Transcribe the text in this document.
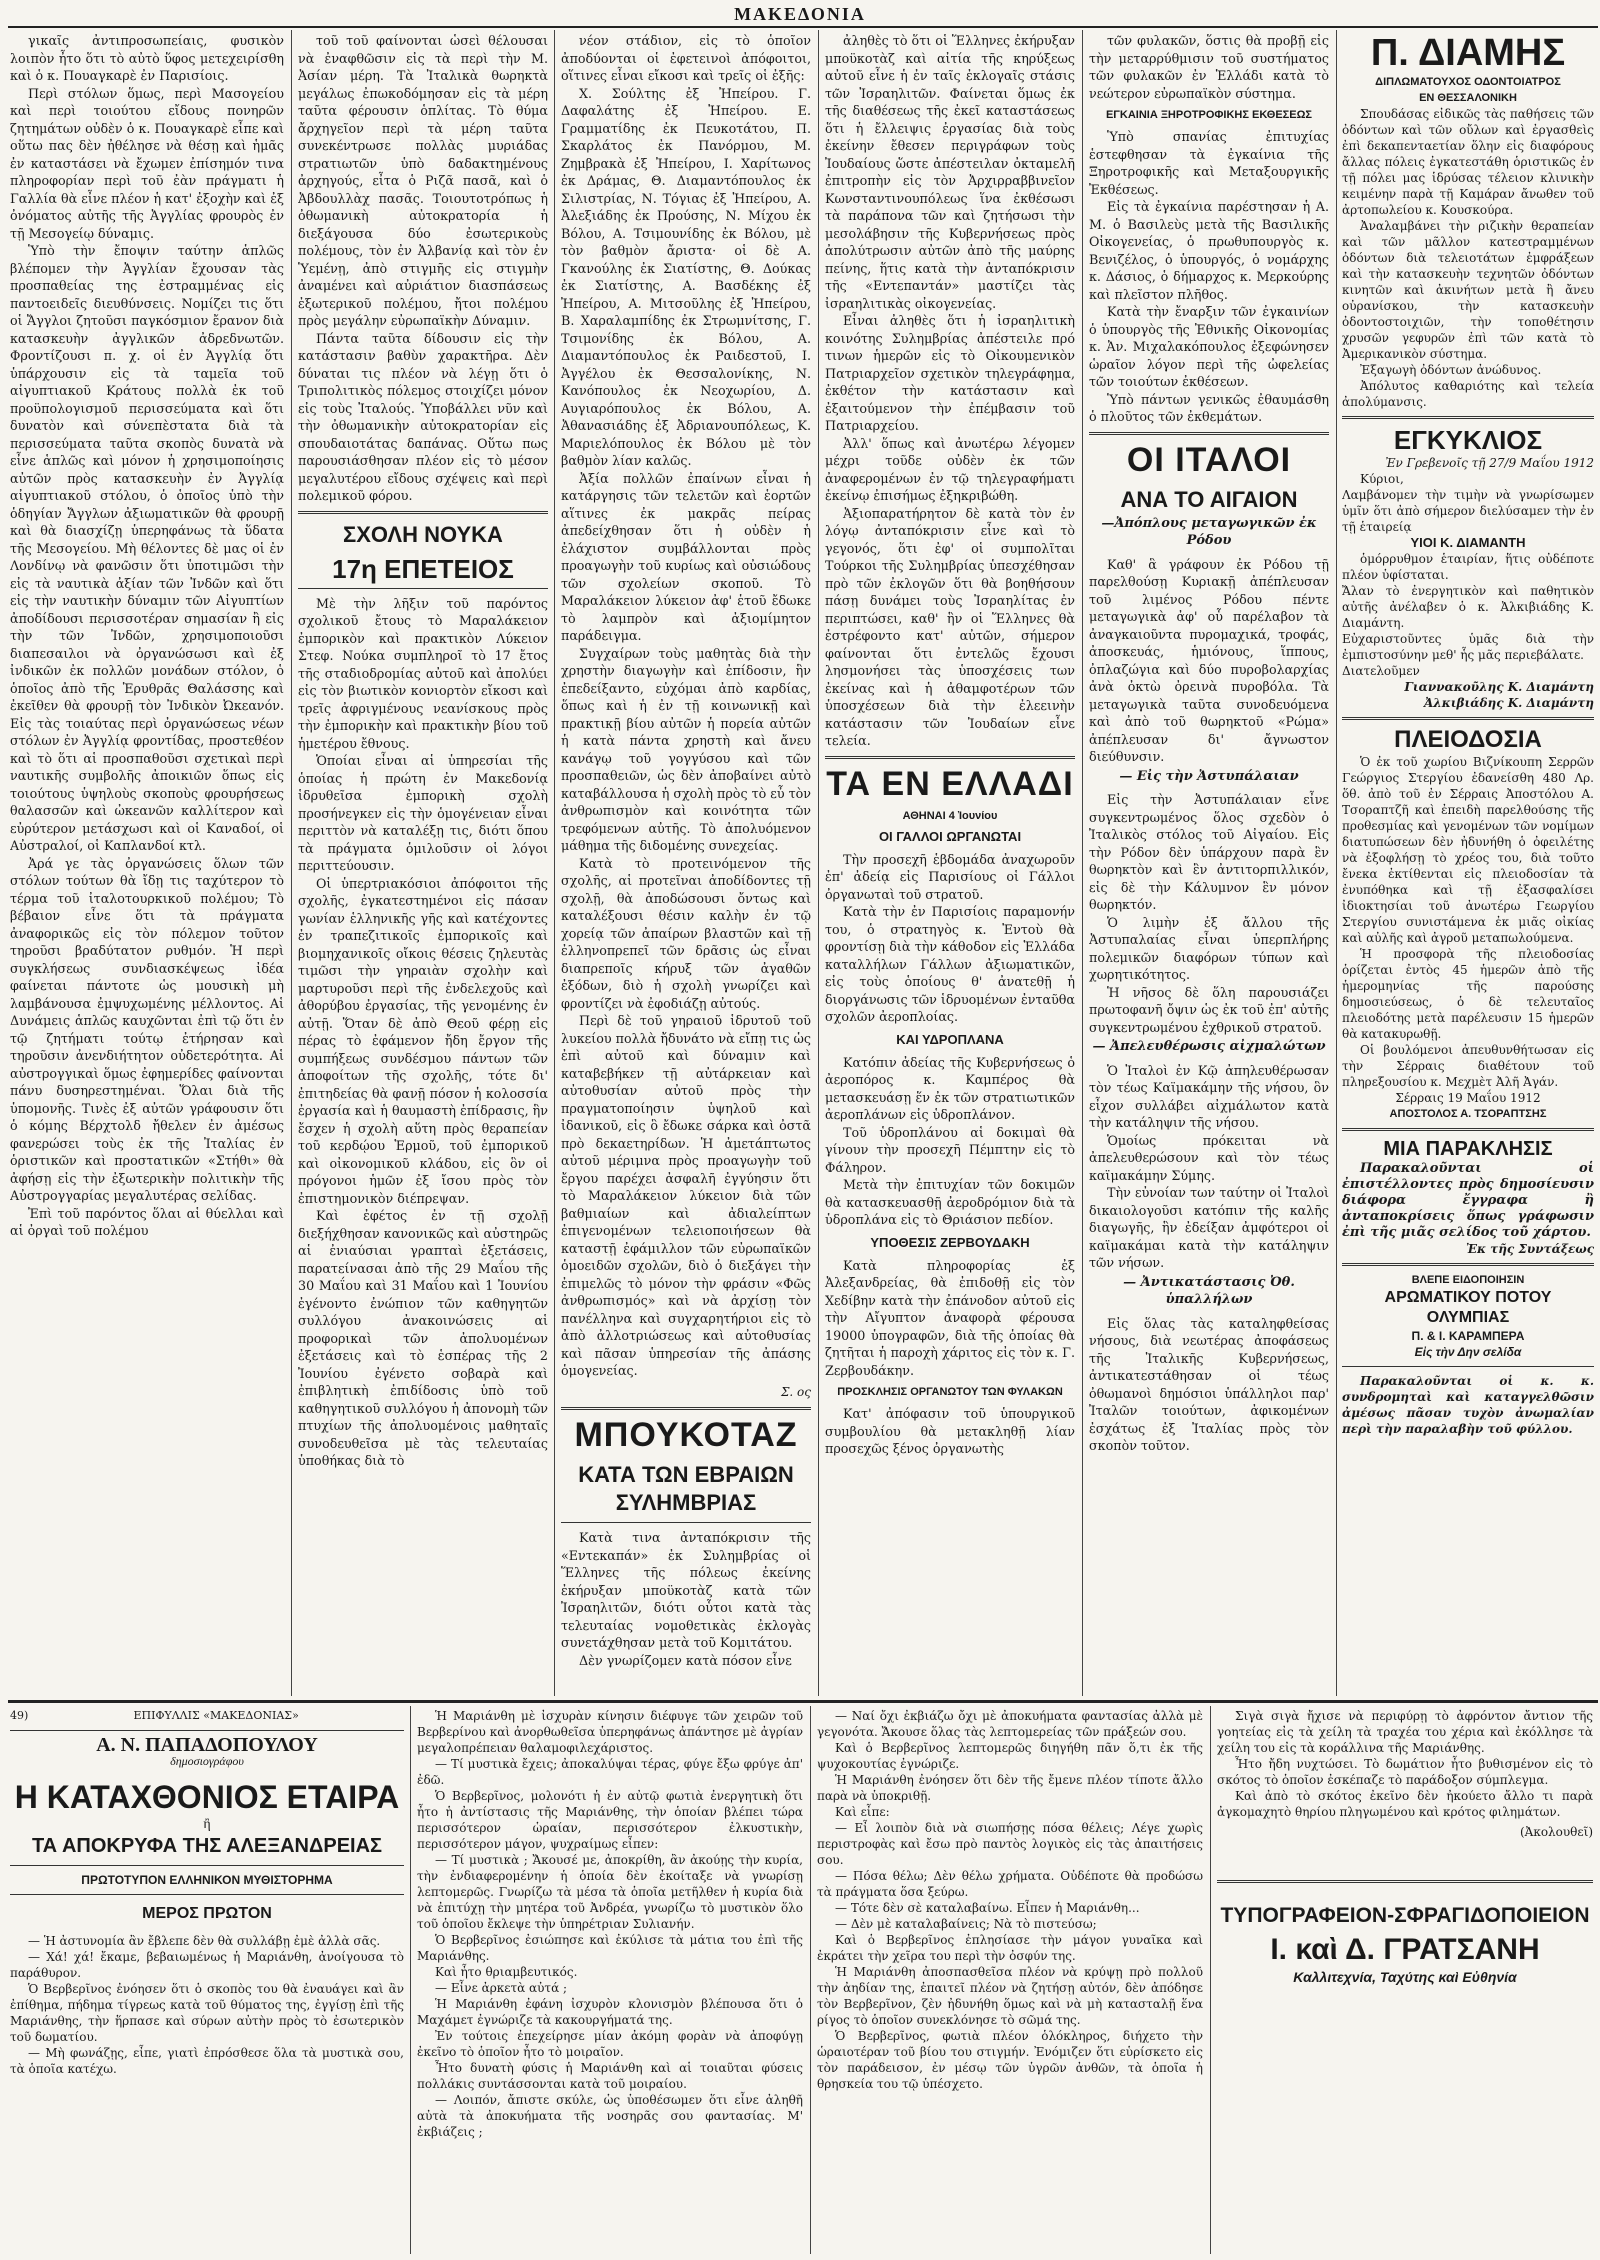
ΜΑΚΕΔΟΝΙΑ

γικαῖς ἀντιπροσωπείαις, φυσικὸν λοιπὸν ἦτο ὅτι τὸ αὐτὸ ὕφος μετεχειρίσθη καὶ ὁ κ. Πουαγκαρὲ ἐν Παρισίοις.

Περὶ στόλων ὅμως, περὶ Μασογείου καὶ περὶ τοιούτου εἴδους πονηρῶν ζητημάτων οὐδὲν ὁ κ. Πουαγκαρὲ εἶπε καὶ οὕτω πας δὲν ἠθέλησε νὰ θέσῃ καὶ ἡμᾶς ἐν καταστάσει νὰ ἔχωμεν ἐπίσημόν τινα πληροφορίαν περὶ τοῦ ἐὰν πράγματι ἡ Γαλλία θὰ εἶνε πλέον ἡ κατ' ἐξοχὴν καὶ ἐξ ὀνόματος αὐτῆς τῆς Ἀγγλίας φρουρὸς ἐν τῇ Μεσογείῳ δύναμις.

Ὑπὸ τὴν ἔποψιν ταύτην ἁπλῶς βλέπομεν τὴν Ἀγγλίαν ἔχουσαν τὰς προσπαθείας της ἐστραμμένας εἰς παντοειδεῖς διευθύνσεις. Νομίζει τις ὅτι οἱ Ἄγγλοι ζητοῦσι παγκόσμιον ἔρανον διὰ κατασκευὴν ἀγγλικῶν ἀδρεδνωτῶν. Φροντίζουσι π. χ. οἱ ἐν Ἀγγλίᾳ ὅτι ὑπάρχουσιν εἰς τὰ ταμεῖα τοῦ αἰγυπτιακοῦ Κράτους πολλὰ ἐκ τοῦ προϋπολογισμοῦ περισσεύματα καὶ ὅτι δυνατὸν καὶ σύνεπὲστατα διὰ τὰ περισσεύματα ταῦτα σκοπὸς δυνατὰ νὰ εἶνε ἁπλῶς καὶ μόνον ἡ χρησιμοποίησις αὐτῶν πρὸς κατασκευὴν ἐν Ἀγγλίᾳ αἰγυπτιακοῦ στόλου, ὁ ὁποῖος ὑπὸ τὴν ὁδηγίαν Ἄγγλων ἀξιωματικῶν θὰ φρουρῇ καὶ θὰ διασχίζῃ ὑπερηφάνως τὰ ὕδατα τῆς Μεσογείου. Μὴ θέλοντες δὲ μας οἱ ἐν Λονδίνῳ νὰ φανῶσιν ὅτι ὑποτιμῶσι τὴν εἰς τὰ ναυτικὰ ἀξίαν τῶν Ἰνδῶν καὶ ὅτι εἰς τὴν ναυτικὴν δύναμιν τῶν Αἰγυπτίων ἀποδίδουσι περισσοτέραν σημασίαν ἢ εἰς τὴν τῶν Ἰνδῶν, χρησιμοποιοῦσι διαπεσαιλοι νὰ ὀργανώσωσι καὶ ἐξ ἰνδικῶν ἐκ πολλῶν μονάδων στόλον, ὁ ὁποῖος ἀπὸ τῆς Ἐρυθρᾶς Θαλάσσης καὶ ἐκεῖθεν θὰ φρουρῇ τὸν Ἰνδικὸν Ὠκεανόν. Εἰς τὰς τοιαύτας περὶ ὀργανώσεως νέων στόλων ἐν Ἀγγλίᾳ φροντίδας, προστεθέον καὶ τὸ ὅτι αἱ προσπαθοῦσι σχετικαὶ περὶ ναυτικῆς συμβολῆς ἀποικιῶν ὅπως εἰς τοιούτους ὑψηλοὺς σκοποὺς φρουρήσεως θαλασσῶν καὶ ὠκεανῶν καλλίτερον καὶ εὐρύτερον μετάσχωσι καὶ οἱ Καναδοί, οἱ Αὐστραλοί, οἱ Καπλανδοί κτλ.

Ἀρά γε τὰς ὀργανώσεις ὅλων τῶν στόλων τούτων θὰ ἴδῃ τις ταχύτερον τὸ τέρμα τοῦ ἰταλοτουρκικοῦ πολέμου; Τὸ βέβαιον εἶνε ὅτι τὰ πράγματα ἀναφορικῶς εἰς τὸν πόλεμον τοῦτον τηροῦσι βραδύτατον ρυθμόν. Ἡ περὶ συγκλήσεως συνδιασκέψεως ἰδέα φαίνεται πάντοτε ὡς μουσικὴ μὴ λαμβάνουσα ἐμψυχωμένης μέλλοντος. Αἱ Δυνάμεις ἁπλῶς καυχῶνται ἐπὶ τῷ ὅτι ἐν τῷ ζητήματι τούτῳ ἐτήρησαν καὶ τηροῦσιν ἀνενδιήτητον οὐδετερότητα. Αἱ αὐστρογγικαὶ ὅμως ἐφημερίδες φαίνονται πάνυ δυσηρεστημέναι. Ὅλαι διὰ τῆς ὑπομονῆς. Τινὲς ἐξ αὐτῶν γράφουσιν ὅτι ὁ κόμης Βέρχτολδ ἤθελεν ἐν ἀμέσως φανερώσει τοὺς ἐκ τῆς Ἰταλίας ἐν ὁριστικῶν καὶ προστατικῶν «Στήθι» θὰ ἀφήσῃ εἰς τὴν ἐξωτερικὴν πολιτικὴν τῆς Αὐστρογγαρίας μεγαλυτέρας σελίδας.

Ἐπὶ τοῦ παρόντος ὅλαι αἱ θύελλαι καὶ αἱ ὀργαὶ τοῦ πολέμου

τοῦ τοῦ φαίνονται ὡσεὶ θέλουσαι νὰ ἐναφθῶσιν εἰς τὰ περὶ τὴν Μ. Ἀσίαν μέρη. Τὰ Ἰταλικὰ θωρηκτὰ μεγάλως ἐπωκοδόμησαν εἰς τὰ μέρη ταῦτα φέρουσιν ὁπλίτας. Τὸ θύμα ἄρχηγεῖον περὶ τὰ μέρη ταῦτα συνεκέντρωσε πολλὰς μυριάδας στρατιωτῶν ὑπὸ δαδακτημένους ἀρχηγούς, εἶτα ὁ Ριζᾶ πασᾶ, καὶ ὁ Ἀβδουλλὰχ πασᾶς. Τοιουτοτρόπως ἡ ὀθωμανικὴ αὐτοκρατορία ἡ διεξάγουσα δύο ἐσωτερικοὺς πολέμους, τὸν ἐν Ἀλβανίᾳ καὶ τὸν ἐν Ὑεμένῃ, ἀπὸ στιγμῆς εἰς στιγμὴν ἀναμένει καὶ αὐριάτιον διασπάσεως ἐξωτερικοῦ πολέμου, ἤτοι πολέμου πρὸς μεγάλην εὐρωπαϊκὴν Δύναμιν.

Πάντα ταῦτα δίδουσιν εἰς τὴν κατάστασιν βαθὺν χαρακτῆρα. Δὲν δύναται τις πλέον νὰ λέγῃ ὅτι ὁ Τριπολιτικὸς πόλεμος στοιχίζει μόνον εἰς τοὺς Ἰταλούς. Ὑποβάλλει νῦν καὶ τὴν ὀθωμανικὴν αὐτοκρατορίαν εἰς σπουδαιοτάτας δαπάνας. Οὕτω πως παρουσιάσθησαν πλέον εἰς τὸ μέσον μεγαλυτέρου εἴδους σχέψεις καὶ περὶ πολεμικοῦ φόρου.

ΣΧΟΛΗ ΝΟΥΚΑ
17η ΕΠΕΤΕΙΟΣ

Μὲ τὴν λῆξιν τοῦ παρόντος σχολικοῦ ἔτους τὸ Μαραλάκειον ἐμπορικὸν καὶ πρακτικὸν Λύκειον Στεφ. Νούκα συμπληροῖ τὸ 17 ἔτος τῆς σταδιοδρομίας αὐτοῦ καὶ ἀπολύει εἰς τὸν βιωτικὸν κονιορτὸν εἴκοσι καὶ τρεῖς ἀφριγμένους νεανίσκους πρὸς τὴν ἐμπορικὴν καὶ πρακτικὴν βίου τοῦ ἡμετέρου ἔθνους.

Ὁποίαι εἶναι αἱ ὑπηρεσίαι τῆς ὁποίας ἡ πρώτη ἐν Μακεδονίᾳ ἱδρυθεῖσα ἐμπορικὴ σχολὴ προσήνεγκεν εἰς τὴν ὁμογένειαν εἶναι περιττὸν νὰ καταλέξῃ τις, διότι ὅπου τὰ πράγματα ὁμιλοῦσιν οἱ λόγοι περιττεύουσιν.

Οἱ ὑπερτριακόσιοι ἀπόφοιτοι τῆς σχολῆς, ἐγκατεστημένοι εἰς πάσαν γωνίαν ἑλληνικῆς γῆς καὶ κατέχοντες ἐν τραπεζιτικοῖς ἐμπορικοῖς καὶ βιομηχανικοῖς οἴκοις θέσεις ζηλευτὰς τιμῶσι τὴν γηραιὰν σχολὴν καὶ μαρτυροῦσι περὶ τῆς ἐνδελεχοῦς καὶ ἀθορύβου ἐργασίας, τῆς γενομένης ἐν αὐτῇ. Ὅταν δὲ ἀπὸ Θεοῦ φέρῃ εἰς πέρας τὸ ἐφάμενον ἤδη ἔργον τῆς συμπήξεως συνδέσμου πάντων τῶν ἀποφοίτων τῆς σχολῆς, τότε δι' ἐπιτηδείας θὰ φανῇ πόσον ἡ κολοσσία ἐργασία καὶ ἡ θαυμαστὴ ἐπίδρασις, ἣν ἔσχεν ἡ σχολὴ αὕτη πρὸς θεραπείαν τοῦ κερδῴου Ἑρμοῦ, τοῦ ἐμπορικοῦ καὶ οἰκονομικοῦ κλάδου, εἰς ὃν οἱ πρόγονοι ἡμῶν ἐξ ἴσου πρὸς τὸν ἐπιστημονικὸν διέπρεψαν.

Καὶ ἐφέτος ἐν τῇ σχολῇ διεξήχθησαν κανονικῶς καὶ αὐστηρῶς αἱ ἐνιαύσιαι γραπταὶ ἐξετάσεις, παρατείνασαι ἀπὸ τῆς 29 Μαΐου τῆς 30 Μαΐου καὶ 31 Μαΐου καὶ 1 Ἰουνίου ἐγένοντο ἐνώπιον τῶν καθηγητῶν συλλόγου ἀνακοινώσεις αἱ προφορικαὶ τῶν ἀπολυομένων ἐξετάσεις καὶ τὸ ἑσπέρας τῆς 2 Ἰουνίου ἐγένετο σοβαρὰ καὶ ἐπιβλητικὴ ἐπιδίδοσις ὑπὸ τοῦ καθηγητικοῦ συλλόγου ἡ ἀπονομὴ τῶν πτυχίων τῆς ἀπολυομένοις μαθηταῖς συνοδευθεῖσα μὲ τὰς τελευταίας ὑποθήκας διὰ τὸ

νέον στάδιον, εἰς τὸ ὁποῖον ἀποδύονται οἱ ἐφετεινοὶ ἀπόφοιτοι, οἵτινες εἶναι εἴκοσι καὶ τρεῖς οἱ ἐξῆς:

Χ. Σούλτης ἐξ Ἠπείρου. Γ. Δαφαλάτης ἐξ Ἠπείρου. Ε. Γραμματίδης ἐκ Πευκοτάτου, Π. Σκαρλάτος ἐκ Πανόρμου, Μ. Ζημβρακὰ ἐξ Ἠπείρου, Ι. Χαρίτωνος ἐκ Δράμας, Θ. Διαμαντόπουλος ἐκ Σιλιστρίας, Ν. Τόγιας ἐξ Ἠπείρου, Α. Ἀλεξιάδης ἐκ Προύσης, Ν. Μίχου ἐκ Βόλου, Α. Τσιμουνίδης ἐκ Βόλου, μὲ τὸν βαθμὸν ἄριστα· οἱ δὲ Α. Γκανούλης ἐκ Σιατίστης, Θ. Δούκας ἐκ Σιατίστης, Α. Βασδέκης ἐξ Ἠπείρου, Α. Μιτσοῦλης ἐξ Ἠπείρου, Β. Χαραλαμπίδης ἐκ Στρωμνίτσης, Γ. Τσιμονίδης ἐκ Βόλου, Α. Διαμαντόπουλος ἐκ Ραιδεστοῦ, Ι. Ἀγγέλου ἐκ Θεσσαλονίκης, Ν. Κανόπουλος ἐκ Νεοχωρίου, Δ. Αυγιαρόπουλος ἐκ Βόλου, Α. Ἀθανασιάδης ἐξ Ἀδριανουπόλεως, Κ. Μαριελόπουλος ἐκ Βόλου μὲ τὸν βαθμὸν λίαν καλῶς.

Ἀξία πολλῶν ἐπαίνων εἶναι ἡ κατάργησις τῶν τελετῶν καὶ ἑορτῶν αἵτινες ἐκ μακρᾶς πείρας ἀπεδείχθησαν ὅτι ἡ οὐδὲν ἡ ἐλάχιστον συμβάλλονται πρὸς προαγωγὴν τοῦ κυρίως καὶ οὐσιώδους τῶν σχολείων σκοποῦ. Τὸ Μαραλάκειον λύκειον ἀφ' ἑτοῦ ἔδωκε τὸ λαμπρὸν καὶ ἀξιομίμητον παράδειγμα.

Συγχαίρων τοὺς μαθητὰς διὰ τὴν χρηστὴν διαγωγὴν καὶ ἐπίδοσιν, ἣν ἐπεδείξαντο, εὐχόμαι ἀπὸ καρδίας, ὅπως καὶ ἡ ἐν τῇ κοινωνικῇ καὶ πρακτικῇ βίου αὐτῶν ἡ πορεία αὐτῶν ἡ κατὰ πάντα χρηστὴ καὶ ἄνευ κανάγῳ τοῦ γογγύσου καὶ τῶν προσπαθειῶν, ὡς δὲν ἀποβαίνει αὐτὸ καταβάλλουσα ἡ σχολὴ πρὸς τὸ εὖ τὸν ἀνθρωπισμὸν καὶ κοινότητα τῶν τρεφόμενων αὐτῆς. Τὸ ἀπολυόμενον μάθημα τῆς διδομένης συνεχείας.

Κατὰ τὸ προτεινόμενον τῆς σχολῆς, αἱ προτεῖναι ἀποδίδοντες τῇ σχολῇ, θὰ ἀποδώσουσι ὄντως καὶ καταλέξουσι θέσιν καλὴν ἐν τῷ χορείᾳ τῶν ἀπαίρων βλαστῶν καὶ τῇ ἐλληνοπρεπεῖ τῶν δρᾶσις ὡς εἶναι διαπρεποῖς κήρυξ τῶν ἀγαθῶν ἐξόδων, διὸ ἡ σχολὴ γνωρίζει καὶ φροντίζει νὰ ἐφοδιάζῃ αὐτούς.

Περὶ δὲ τοῦ γηραιοῦ ἱδρυτοῦ τοῦ λυκείου πολλὰ ἤδυνάτο νὰ εἴπῃ τις ὡς ἐπὶ αὐτοῦ καὶ δύναμιν καὶ καταβεβήκεν τῇ αὐτάρκειαν καὶ αὐτοθυσίαν αὐτοῦ πρὸς τὴν πραγματοποίησιν ὑψηλοῦ καὶ ἰδανικοῦ, εἰς ὃ ἔδωκε σάρκα καὶ ὀστᾶ πρὸ δεκαετηρίδων. Ἡ ἀμετάπτωτος αὐτοῦ μέριμνα πρὸς προαγωγὴν τοῦ ἔργου παρέχει ἀσφαλῆ ἐγγύησιν ὅτι τὸ Μαραλάκειον λύκειον διὰ τῶν βαθμιαίων καὶ ἀδιαλείπτων ἐπιγενομένων τελειοποιήσεων θὰ καταστῇ ἐφάμιλλον τῶν εὐρωπαϊκῶν ὁμοειδῶν σχολῶν, διὸ ὁ διεξάγει τὴν ἐπιμελῶς τὸ μόνον τὴν φράσιν «Φῶς ἀνθρωπισμός» καὶ νὰ ἀρχίσῃ τὸν πανέλληνα καὶ συγχαρητήριοι εἰς τὸ ἀπὸ ἀλλοτριώσεως καὶ αὐτοθυσίας καὶ πᾶσαν ὑπηρεσίαν τῆς ἀπάσης ὁμογενείας.

Σ. ος
ΜΠΟΥΚΟΤΑΖ
ΚΑΤΑ ΤΩΝ ΕΒΡΑΙΩΝ
ΣΥΛΗΜΒΡΙΑΣ

Κατὰ τινα ἀνταπόκρισιν τῆς «Εντεκαπάν» ἐκ Συλημβρίας οἱ Ἕλληνες τῆς πόλεως ἐκείνης ἐκήρυξαν μποϋκοτὰζ κατὰ τῶν Ἰσραηλιτῶν, διότι οὗτοι κατὰ τὰς τελευταίας νομοθετικὰς ἐκλογὰς συνετάχθησαν μετὰ τοῦ Κομιτάτου.

Δὲν γνωρίζομεν κατὰ πόσον εἶνε

ἀληθὲς τὸ ὅτι οἱ Ἕλληνες ἐκήρυξαν μποϋκοτὰζ καὶ αἰτία τῆς κηρύξεως αὐτοῦ εἶνε ἡ ἐν ταῖς ἐκλογαῖς στάσις τῶν Ἰσραηλιτῶν. Φαίνεται ὅμως ἐκ τῆς διαθέσεως τῆς ἐκεῖ καταστάσεως ὅτι ἡ ἔλλειψις ἐργασίας διὰ τοὺς ἐκείνην ἔθεσεν περιγράφων τοὺς Ἰουδαίους ὥστε ἀπέστειλαν ὀκταμελῆ ἐπιτροπὴν εἰς τὸν Ἀρχιρραββινεῖον Κωνσταντινουπόλεως ἵνα ἐκθέσωσι τὰ παράπονα τῶν καὶ ζητήσωσι τὴν μεσολάβησιν τῆς Κυβερνήσεως πρὸς ἀπολύτρωσιν αὐτῶν ἀπὸ τῆς μαύρης πείνης, ἥτις κατὰ τὴν ἀνταπόκρισιν τῆς «Εντεπαντάν» μαστίζει τὰς ἰσραηλιτικὰς οἰκογενείας.

Εἶναι ἀληθὲς ὅτι ἡ ἰσραηλιτικὴ κοινότης Συλημβρίας ἀπέστειλε πρό τινων ἡμερῶν εἰς τὸ Οἰκουμενικὸν Πατριαρχεῖον σχετικὸν τηλεγράφημα, ἐκθέτον τὴν κατάστασιν καὶ ἐξαιτούμενον τὴν ἐπέμβασιν τοῦ Πατριαρχείου.

Ἀλλ' ὅπως καὶ ἀνωτέρω λέγομεν μέχρι τοῦδε οὐδὲν ἐκ τῶν ἀναφερομένων ἐν τῷ τηλεγραφήματι ἐκείνῳ ἐπισήμως ἐξηκριβώθη.

Ἀξιοπαρατήρητον δὲ κατὰ τὸν ἐν λόγῳ ἀνταπόκρισιν εἶνε καὶ τὸ γεγονός, ὅτι ἐφ' οἱ συμπολῖται Τούρκοι τῆς Συλημβρίας ὑπεσχέθησαν πρὸ τῶν ἐκλογῶν ὅτι θὰ βοηθήσουν πάσῃ δυνάμει τοὺς Ἰσραηλίτας ἐν περιπτώσει, καθ' ἣν οἱ Ἕλληνες θὰ ἐστρέφοντο κατ' αὐτῶν, σήμερον φαίνονται ὅτι ἐντελῶς ἔχουσι λησμονήσει τὰς ὑποσχέσεις των ἐκείνας καὶ ἡ ἀθαμφοτέρων τῶν ὑποσχέσεων διὰ τὴν ἐλεεινὴν κατάστασιν τῶν Ἰουδαίων εἶνε τελεία.

ΤΑ ΕΝ ΕΛΛΑΔΙ
ΑΘΗΝΑΙ 4 Ἰουνίου
ΟΙ ΓΑΛΛΟΙ ΩΡΓΑΝΩΤΑΙ

Τὴν προσεχῆ ἑβδομάδα ἀναχωροῦν ἐπ' ἀδείᾳ εἰς Παρισίους οἱ Γάλλοι ὀργανωταὶ τοῦ στρατοῦ.

Κατὰ τὴν ἐν Παρισίοις παραμονήν του, ὁ στρατηγὸς κ. Ἐντοὺ θὰ φροντίσῃ διὰ τὴν κάθοδον εἰς Ἑλλάδα καταλλήλων Γάλλων ἀξιωματικῶν, εἰς τοὺς ὁποίους θ' ἀνατεθῇ ἡ διοργάνωσις τῶν ἱδρυομένων ἐνταῦθα σχολῶν ἀεροπλοίας.

ΚΑΙ ΥΔΡΟΠΛΑΝΑ

Κατόπιν ἀδείας τῆς Κυβερνήσεως ὁ ἀεροπόρος κ. Καμπέρος θὰ μετασκευάσῃ ἕν ἐκ τῶν στρατιωτικῶν ἀεροπλάνων εἰς ὑδροπλάνον.

Τοῦ ὑδροπλάνου αἱ δοκιμαὶ θὰ γίνουν τὴν προσεχῆ Πέμπτην εἰς τὸ Φάληρον.

Μετὰ τὴν ἐπιτυχίαν τῶν δοκιμῶν θὰ κατασκευασθῇ ἀεροδρόμιον διὰ τὰ ὑδροπλάνα εἰς τὸ Θριάσιον πεδίον.

ΥΠΟΘΕΣΙΣ ΖΕΡΒΟΥΔΑΚΗ

Κατὰ πληροφορίας ἐξ Ἀλεξανδρείας, θὰ ἐπιδοθῇ εἰς τὸν Χεδίβην κατὰ τὴν ἐπάνοδον αὐτοῦ εἰς τὴν Αἴγυπτον ἀναφορὰ φέρουσα 19000 ὑπογραφῶν, διὰ τῆς ὁποίας θὰ ζητῆται ἡ παροχὴ χάριτος εἰς τὸν κ. Γ. Ζερβουδάκην.

ΠΡΟΣΚΛΗΣΙΣ ΟΡΓΑΝΩΤΟΥ ΤΩΝ ΦΥΛΑΚΩΝ

Κατ' ἀπόφασιν τοῦ ὑπουργικοῦ συμβουλίου θὰ μετακληθῇ λίαν προσεχῶς ξένος ὀργανωτὴς

τῶν φυλακῶν, ὅστις θὰ προβῇ εἰς τὴν μεταρρύθμισιν τοῦ συστήματος τῶν φυλακῶν ἐν Ἑλλάδι κατὰ τὸ νεώτερον εὐρωπαϊκὸν σύστημα.

ΕΓΚΑΙΝΙΑ ΞΗΡΟΤΡΟΦΙΚΗΣ ΕΚΘΕΣΕΩΣ

Ὑπὸ σπανίας ἐπιτυχίας ἑστεφθησαν τὰ ἐγκαίνια τῆς Ξηροτροφικῆς καὶ Μεταξουργικῆς Ἐκθέσεως.

Εἰς τὰ ἐγκαίνια παρέστησαν ἡ Α. Μ. ὁ Βασιλεὺς μετὰ τῆς Βασιλικῆς Οἰκογενείας, ὁ πρωθυπουργὸς κ. Βενιζέλος, ὁ ὑπουργός, ὁ νομάρχης κ. Δάσιος, ὁ δήμαρχος κ. Μερκούρης καὶ πλεῖστον πλῆθος.

Κατὰ τὴν ἔναρξιν τῶν ἐγκαινίων ὁ ὑπουργὸς τῆς Ἐθνικῆς Οἰκονομίας κ. Ἀν. Μιχαλακόπουλος ἐξεφώνησεν ὡραῖον λόγον περὶ τῆς ὠφελείας τῶν τοιούτων ἐκθέσεων.

Ὑπὸ πάντων γενικῶς ἐθαυμάσθη ὁ πλοῦτος τῶν ἐκθεμάτων.

ΟΙ ΙΤΑΛΟΙ
ΑΝΑ ΤΟ ΑΙΓΑΙΟΝ
—Ἀπόπλους μεταγωγικῶν ἐκ Ρόδου

Καθ' ἃ γράφουν ἐκ Ρόδου τῇ παρελθούσῃ Κυριακῇ ἀπέπλευσαν τοῦ λιμένος Ρόδου πέντε μεταγωγικὰ ἀφ' οὗ παρέλαβον τὰ ἀναγκαιοῦντα πυρομαχικά, τροφάς, ἀποσκευάς, ἡμιόνους, ἵππους, ὀπλαζώγια καὶ δύο πυροβολαρχίας ἀνὰ ὀκτὼ ὀρεινὰ πυροβόλα. Τὰ μεταγωγικὰ ταῦτα συνοδευόμενα καὶ ἀπὸ τοῦ θωρηκτοῦ «Ρώμα» ἀπέπλευσαν δι' ἄγνωστον διεύθυνσιν.

— Εἰς τὴν Ἀστυπάλαιαν

Εἰς τὴν Ἀστυπάλαιαν εἶνε συγκεντρωμένος ὅλος σχεδὸν ὁ Ἰταλικὸς στόλος τοῦ Αἰγαίου. Εἰς τὴν Ρόδον δὲν ὑπάρχουν παρὰ ἓν θωρηκτὸν καὶ ἓν ἀντιτορπιλλικόν, εἰς δὲ τὴν Κάλυμνον ἓν μόνον θωρηκτόν.

Ὁ λιμὴν ἐξ ἄλλου τῆς Ἀστυπαλαίας εἶναι ὑπερπλήρης πολεμικῶν διαφόρων τύπων καὶ χωρητικότητος.

Ἡ νῆσος δὲ ὅλη παρουσιάζει πρωτοφανῆ ὄψιν ὡς ἐκ τοῦ ἐπ' αὐτῆς συγκεντρωμένου ἐχθρικοῦ στρατοῦ.

— Ἀπελευθέρωσις αἰχμαλώτων

Ὁ Ἰταλοὶ ἐν Κῷ ἀπηλευθέρωσαν τὸν τέως Καϊμακάμην τῆς νήσου, ὃν εἶχον συλλάβει αἰχμάλωτον κατὰ τὴν κατάληψιν τῆς νήσου.

Ὁμοίως πρόκειται νὰ ἀπελευθερώσουν καὶ τὸν τέως καϊμακάμην Σύμης.

Τὴν εὐνοίαν των ταύτην οἱ Ἰταλοὶ δικαιολογοῦσι κατόπιν τῆς καλῆς διαγωγῆς, ἣν ἐδείξαν ἀμφότεροι οἱ καϊμακάμαι κατὰ τὴν κατάληψιν τῶν νήσων.

— Ἀντικατάστασις Ὀθ. ὑπαλλήλων

Εἰς ὅλας τὰς καταληφθείσας νήσους, διὰ νεωτέρας ἀποφάσεως τῆς Ἰταλικῆς Κυβερνήσεως, ἀντικατεστάθησαν οἱ τέως ὀθωμανοὶ δημόσιοι ὑπάλληλοι παρ' Ἰταλῶν τοιούτων, ἀφικομένων ἐσχάτως ἐξ Ἰταλίας πρὸς τὸν σκοπὸν τοῦτον.

Π. ΔΙΑΜΗΣ
ΔΙΠΛΩΜΑΤΟΥΧΟΣ ΟΔΟΝΤΟΙΑΤΡΟΣ
ΕΝ ΘΕΣΣΑΛΟΝΙΚΗ

Σπουδάσας εἰδικῶς τὰς παθήσεις τῶν ὀδόντων καὶ τῶν οὔλων καὶ ἐργασθεὶς ἐπὶ δεκαπενταετίαν ὅλην εἰς διαφόρους ἄλλας πόλεις ἐγκατεστάθη ὁριστικῶς ἐν τῇ πόλει μας ἱδρύσας τέλειον κλινικὴν κειμένην παρὰ τῇ Καμάραν ἄνωθεν τοῦ ἀρτοπωλείου κ. Κουσκούρα.

Ἀναλαμβάνει τὴν ριζικὴν θεραπείαν καὶ τῶν μᾶλλον κατεστραμμένων ὀδόντων διὰ τελειοτάτων ἐμφράξεων καὶ τὴν κατασκευὴν τεχνητῶν ὀδόντων κινητῶν καὶ ἀκινήτων μετὰ ἢ ἄνευ οὐρανίσκου, τὴν κατασκευὴν ὀδοντοστοιχιῶν, τὴν τοποθέτησιν χρυσῶν γεφυρῶν ἐπὶ τῶν κατὰ τὸ Ἀμερικανικὸν σύστημα.

Ἐξαγωγὴ ὀδόντων ἀνώδυνος.

Ἀπόλυτος καθαριότης καὶ τελεία ἀπολύμανσις.

ΕΓΚΥΚΛΙΟΣ
Ἐν Γρεβενοῖς τῇ 27/9 Μαΐου 1912

Κύριοι,
Λαμβάνομεν τὴν τιμὴν νὰ γνωρίσωμεν ὑμῖν ὅτι ἀπὸ σήμερον διελύσαμεν τὴν ἐν τῇ ἑταιρείᾳ

ΥΙΟΙ Κ. ΔΙΑΜΑΝΤΗ

ὁμόρρυθμον ἑταιρίαν, ἥτις οὐδέποτε πλέον ὑφίσταται.
Ἄλαν τὸ ἐνεργητικὸν καὶ παθητικὸν αὐτῆς ἀνέλαβεν ὁ κ. Ἀλκιβιάδης Κ. Διαμάντη.
Εὐχαριστοῦντες ὑμᾶς διὰ τὴν ἐμπιστοσύνην μεθ' ἧς μᾶς περιεβάλατε.
Διατελοῦμεν

Γιαννακοῦλης Κ. Διαμάντη
Ἀλκιβιάδης Κ. Διαμάντη
ΠΛΕΙΟΔΟΣΙΑ

Ὁ ἐκ τοῦ χωρίου Βιζνίκουπη Σερρῶν Γεώργιος Στεργίου ἐδανείσθη 480 Λρ. ὅθ. ἀπὸ τοῦ ἐν Σέρραις Ἀποστόλου Α. Τσοραπτζῆ καὶ ἐπειδὴ παρελθούσης τῆς προθεσμίας καὶ γενομένων τῶν νομίμων διατυπώσεων δὲν ἠδυνήθη ὁ ὀφειλέτης νὰ ἐξοφλήσῃ τὸ χρέος του, διὰ τοῦτο ἔνεκα ἐκτίθενται εἰς πλειοδοσίαν τὰ ἐνυπόθηκα καὶ τῇ ἐξασφαλίσει ἰδιοκτησίαι τοῦ ἀνωτέρω Γεωργίου Στεργίου συνιστάμενα ἐκ μιᾶς οἰκίας καὶ αὐλῆς καὶ ἀγροῦ μεταπωλούμενα.

Ἡ προσφορὰ τῆς πλειοδοσίας ὁρίζεται ἐντὸς 45 ἡμερῶν ἀπὸ τῆς ἡμερομηνίας τῆς παρούσης δημοσιεύσεως, ὁ δὲ τελευταῖος πλειοδότης μετὰ παρέλευσιν 15 ἡμερῶν θὰ κατακυρωθῇ.

Οἱ βουλόμενοι ἀπευθυνθήτωσαν εἰς τὴν Σέρραις διαθέτουν τοῦ πληρεξουσίου κ. Μεχμὲτ Ἀλῆ Ἀγάν.

Σέρραις 19 Μαΐου 1912
ΑΠΟΣΤΟΛΟΣ Α. ΤΣΟΡΑΠΤΣΗΣ
ΜΙΑ ΠΑΡΑΚΛΗΣΙΣ

Παρακαλοῦνται οἱ ἐπιστέλλοντες πρὸς δημοσίευσιν διάφορα ἔγγραφα ἢ ἀνταποκρίσεις ὅπως γράφωσιν ἐπὶ τῆς μιᾶς σελίδος τοῦ χάρτου.

Ἐκ τῆς Συντάξεως
ΒΛΕΠΕ ΕΙΔΟΠΟΙΗΣΙΝ
ΑΡΩΜΑΤΙΚΟΥ ΠΟΤΟΥ ΟΛΥΜΠΙΑΣ
Π. & Ι. ΚΑΡΑΜΠΕΡΑ
Εἰς τὴν Δην σελίδα

Παρακαλοῦνται οἱ κ. κ. συνδρομηταὶ καὶ καταγγελθῶσιν ἀμέσως πᾶσαν τυχὸν ἀνωμαλίαν περὶ τὴν παραλαβὴν τοῦ φύλλου.

49)	ΕΠΙΦΥΛΛΙΣ «ΜΑΚΕΔΟΝΙΑΣ»
Α. Ν. ΠΑΠΑΔΟΠΟΥΛΟΥ
δημοσιογράφου
Η ΚΑΤΑΧΘΟΝΙΟΣ ΕΤΑΙΡΑ
ἢ
ΤΑ ΑΠΟΚΡΥΦΑ ΤΗΣ ΑΛΕΞΑΝΔΡΕΙΑΣ
ΠΡΩΤΟΤΥΠΟΝ ΕΛΛΗΝΙΚΟΝ ΜΥΘΙΣΤΟΡΗΜΑ
ΜΕΡΟΣ ΠΡΩΤΟΝ

— Ἡ ἀστυνομία ἂν ἔβλεπε δὲν θὰ συλλάβῃ ἐμὲ ἀλλὰ σᾶς.

— Χά! χά! ἔκαμε, βεβαιωμένως ἡ Μαριάνθη, ἀνοίγουσα τὸ παράθυρον.

Ὁ Βερβερῖνος ἐνόησεν ὅτι ὁ σκοπὸς του θὰ ἐναυάγει καὶ ἂν ἐπίθημα, πήδημα τίγρεως κατὰ τοῦ θύματος της, ἐγγίσῃ ἐπὶ τῆς Μαριάνθης, τὴν ἥρπασε καὶ σύρων αὐτὴν πρὸς τὸ ἐσωτερικὸν τοῦ δωματίου.

— Μὴ φωνάζῃς, εἶπε, γιατὶ ἐπρόσθεσε ὅλα τὰ μυστικὰ σου, τὰ ὁποῖα κατέχω.

Ἡ Μαριάνθη μὲ ἰσχυρὰν κίνησιν διέφυγε τῶν χειρῶν τοῦ Βερβερίνου καὶ ἀνορθωθεῖσα ὑπερηφάνως ἀπάντησε μὲ ἀγρίαν μεγαλοπρέπειαν θαλαμοφιλεχάριστος.

— Τί μυστικὰ ἔχεις; ἀποκαλύψαι τέρας, φύγε ἔξω φρύγε ἀπ' ἐδῶ.

Ὁ Βερβερῖνος, μολονότι ἡ ἐν αὐτῷ φωτιὰ ἐνεργητικὴ ὅτι ἦτο ἡ ἀντίστασις τῆς Μαριάνθης, τὴν ὁποίαν βλέπει τώρα περισσότερον ὡραίαν, περισσότερον ἐλκυστικὴν, περισσότερον μάγον, ψυχραίμως εἶπεν:

— Τί μυστικὰ ; Ἄκουσέ με, ἀποκρίθη, ἂν ἀκούῃς τὴν κυρία, τὴν ἐνδιαφερομένην ἡ ὁποία δὲν ἐκοίταξε νὰ γνωρίσῃ λεπτομερῶς. Γνωρίζω τὰ μέσα τὰ ὁποῖα μετῆλθεν ἡ κυρία διὰ νὰ ἐπιτύχῃ τὴν μητέρα τοῦ Ἀνδρέα, γνωρίζω τὸ μυστικὸν ὅλο τοῦ ὁποῖου ἔκλεψε τὴν ὑπηρέτριαν Συλιανήν.

Ὁ Βερβερῖνος ἐσιώπησε καὶ ἐκύλισε τὰ μάτια του ἐπὶ τῆς Μαριάνθης.

Καὶ ἦτο θριαμβευτικός.

— Εἶνε ἀρκετὰ αὐτά ;

Ἡ Μαριάνθη ἐφάνη ἰσχυρὸν κλονισμὸν βλέπουσα ὅτι ὁ Μαχάμετ ἐγνώριζε τὰ κακουργήματά της.

Ἐν τούτοις ἐπεχείρησε μίαν ἀκόμη φορὰν νὰ ἀποφύγῃ ἐκεῖνο τὸ ὁποῖον ἦτο τὸ μοιραῖον.

Ἦτο δυνατὴ φύσις ἡ Μαριάνθη καὶ αἱ τοιαῦται φύσεις πολλάκις συντάσσονται κατὰ τοῦ μοιραίου.

— Λοιπόν, ἄπιστε σκύλε, ὡς ὑποθέσωμεν ὅτι εἶνε ἀληθῆ αὐτὰ τὰ ἀποκυήματα τῆς νοσηρᾶς σου φαντασίας. Μ' ἐκβιάζεις ;

— Ναί ὄχι ἐκβιάζω ὄχι μὲ ἀποκυήματα φαντασίας ἀλλὰ μὲ γεγονότα. Ἄκουσε ὅλας τὰς λεπτομερείας τῶν πράξεών σου.

Καὶ ὁ Βερβερῖνος λεπτομερῶς διηγήθη πᾶν ὅ,τι ἐκ τῆς ψυχοκουτίας ἐγνώριζε.

Ἡ Μαριάνθη ἐνόησεν ὅτι δὲν τῆς ἔμενε πλέον τίποτε ἄλλο παρὰ νὰ ὑποκριθῇ.

Καὶ εἶπε:

— Εἶ λοιπὸν διὰ νὰ σιωπήσῃς πόσα θέλεις; Λέγε χωρὶς περιστροφὰς καὶ ἔσω πρὸ παντὸς λογικὸς εἰς τὰς ἀπαιτήσεις σου.

— Πόσα θέλω; Δὲν θέλω χρήματα. Οὐδέποτε θὰ προδώσω τὰ πράγματα ὅσα ξεύρω.

— Τότε δὲν σὲ καταλαβαίνω. Εἶπεν ἡ Μαριάνθη...

— Δὲν μὲ καταλαβαίνεις; Νὰ τὸ πιστεύσω;

Καὶ ὁ Βερβερῖνος ἐπλησίασε τὴν μάγον γυναῖκα καὶ ἐκράτει τὴν χεῖρα του περὶ τὴν ὀσφύν της.

Ἡ Μαριάνθη ἀποσπασθεῖσα πλέον νὰ κρύψῃ πρὸ πολλοῦ τὴν ἀηδίαν της, ἐπαιτεῖ πλέον νὰ ζητήσῃ αὐτόν, δὲν ἀπόδησε τὸν Βερβερῖνον, ζὲν ἠδυνήθη ὅμως καὶ νὰ μὴ κατασταλῇ ἕνα ρίγος τὸ ὁποῖον συνεκλόνησε τὸ σῶμά της.

Ὁ Βερβερῖνος, φωτιὰ πλέον ὁλόκληρος, διήχετο τὴν ὡραιοτέραν τοῦ βίου του στιγμήν. Ἐνόμιζεν ὅτι εὑρίσκετο εἰς τὸν παράδεισον, ἐν μέσῳ τῶν ὑγρῶν ἀνθῶν, τὰ ὁποῖα ἡ θρησκεία του τῷ ὑπέσχετο.

Σιγὰ σιγὰ ἤχισε νὰ περιφύρῃ τὸ ἀφρόντον ἄντιον τῆς γοητείας εἰς τὰ χείλη τὰ τραχέα του χέρια καὶ ἐκόλλησε τὰ χείλη του εἰς τὰ κοράλλινα τῆς Μαριάνθης.

Ἦτο ἤδη νυχτώσει. Τὸ δωμάτιον ἦτο βυθισμένον εἰς τὸ σκότος τὸ ὁποῖον ἐσκέπαζε τὸ παράδοξον σύμπλεγμα.

Καὶ ἀπὸ τὸ σκότος ἐκεῖνο δὲν ἠκούετο ἄλλο τι παρὰ ἀγκομαχητὸ θηρίου πληγωμένου καὶ κρότος φιλημάτων.

(Ἀκολουθεῖ)
ΤΥΠΟΓΡΑΦΕΙΟΝ-ΣΦΡΑΓΙΔΟΠΟΙΕΙΟΝ
Ι. καὶ Δ. ΓΡΑΤΣΑΝΗ
Καλλιτεχνία, Ταχύτης καὶ Εὐθηνία
